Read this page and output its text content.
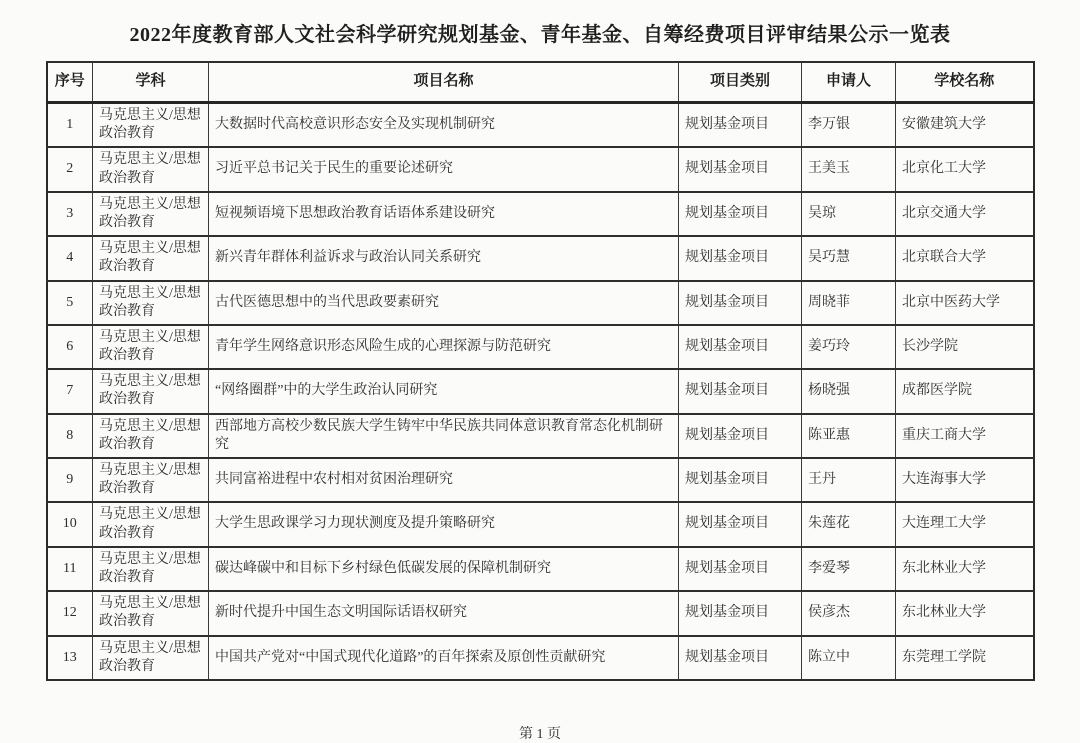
2022年度教育部人文社会科学研究规划基金、青年基金、自筹经费项目评审结果公示一览表
序号	学科	项目名称	项目类别	申请人	学校名称
1	马克思主义/思想政治教育	大数据时代高校意识形态安全及实现机制研究	规划基金项目	李万银	安徽建筑大学
2	马克思主义/思想政治教育	习近平总书记关于民生的重要论述研究	规划基金项目	王美玉	北京化工大学
3	马克思主义/思想政治教育	短视频语境下思想政治教育话语体系建设研究	规划基金项目	吴琼	北京交通大学
4	马克思主义/思想政治教育	新兴青年群体利益诉求与政治认同关系研究	规划基金项目	吴巧慧	北京联合大学
5	马克思主义/思想政治教育	古代医德思想中的当代思政要素研究	规划基金项目	周晓菲	北京中医药大学
6	马克思主义/思想政治教育	青年学生网络意识形态风险生成的心理探源与防范研究	规划基金项目	姜巧玲	长沙学院
7	马克思主义/思想政治教育	“网络圈群”中的大学生政治认同研究	规划基金项目	杨晓强	成都医学院
8	马克思主义/思想政治教育	西部地方高校少数民族大学生铸牢中华民族共同体意识教育常态化机制研究	规划基金项目	陈亚惠	重庆工商大学
9	马克思主义/思想政治教育	共同富裕进程中农村相对贫困治理研究	规划基金项目	王丹	大连海事大学
10	马克思主义/思想政治教育	大学生思政课学习力现状测度及提升策略研究	规划基金项目	朱莲花	大连理工大学
11	马克思主义/思想政治教育	碳达峰碳中和目标下乡村绿色低碳发展的保障机制研究	规划基金项目	李爱琴	东北林业大学
12	马克思主义/思想政治教育	新时代提升中国生态文明国际话语权研究	规划基金项目	侯彦杰	东北林业大学
13	马克思主义/思想政治教育	中国共产党对“中国式现代化道路”的百年探索及原创性贡献研究	规划基金项目	陈立中	东莞理工学院
第 1 页
